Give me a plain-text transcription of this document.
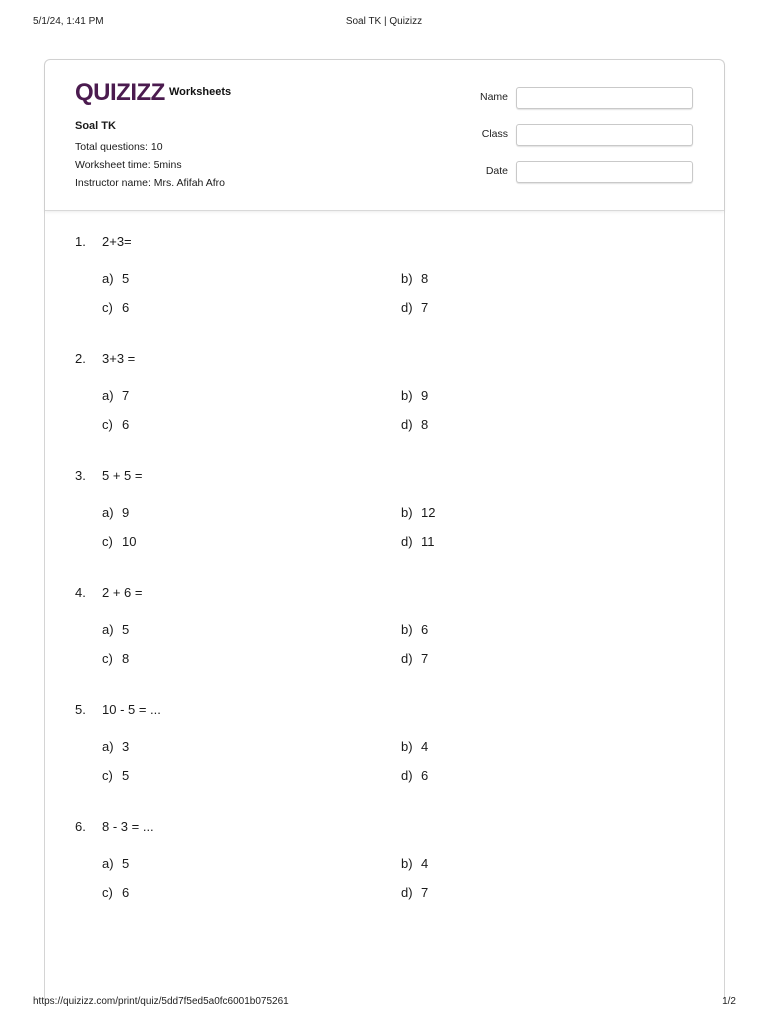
5/1/24, 1:41 PM	Soal TK | Quizizz
QUIZIZZ Worksheets
Soal TK
Total questions: 10
Worksheet time: 5mins
Instructor name: Mrs. Afifah Afro
Name
Class
Date
1. 2+3=
a) 5	b) 8
c) 6	d) 7
2. 3+3 =
a) 7	b) 9
c) 6	d) 8
3. 5 + 5 =
a) 9	b) 12
c) 10	d) 11
4. 2 + 6 =
a) 5	b) 6
c) 8	d) 7
5. 10 - 5 = ...
a) 3	b) 4
c) 5	d) 6
6. 8 - 3 = ...
a) 5	b) 4
c) 6	d) 7
https://quizizz.com/print/quiz/5dd7f5ed5a0fc6001b075261	1/2
